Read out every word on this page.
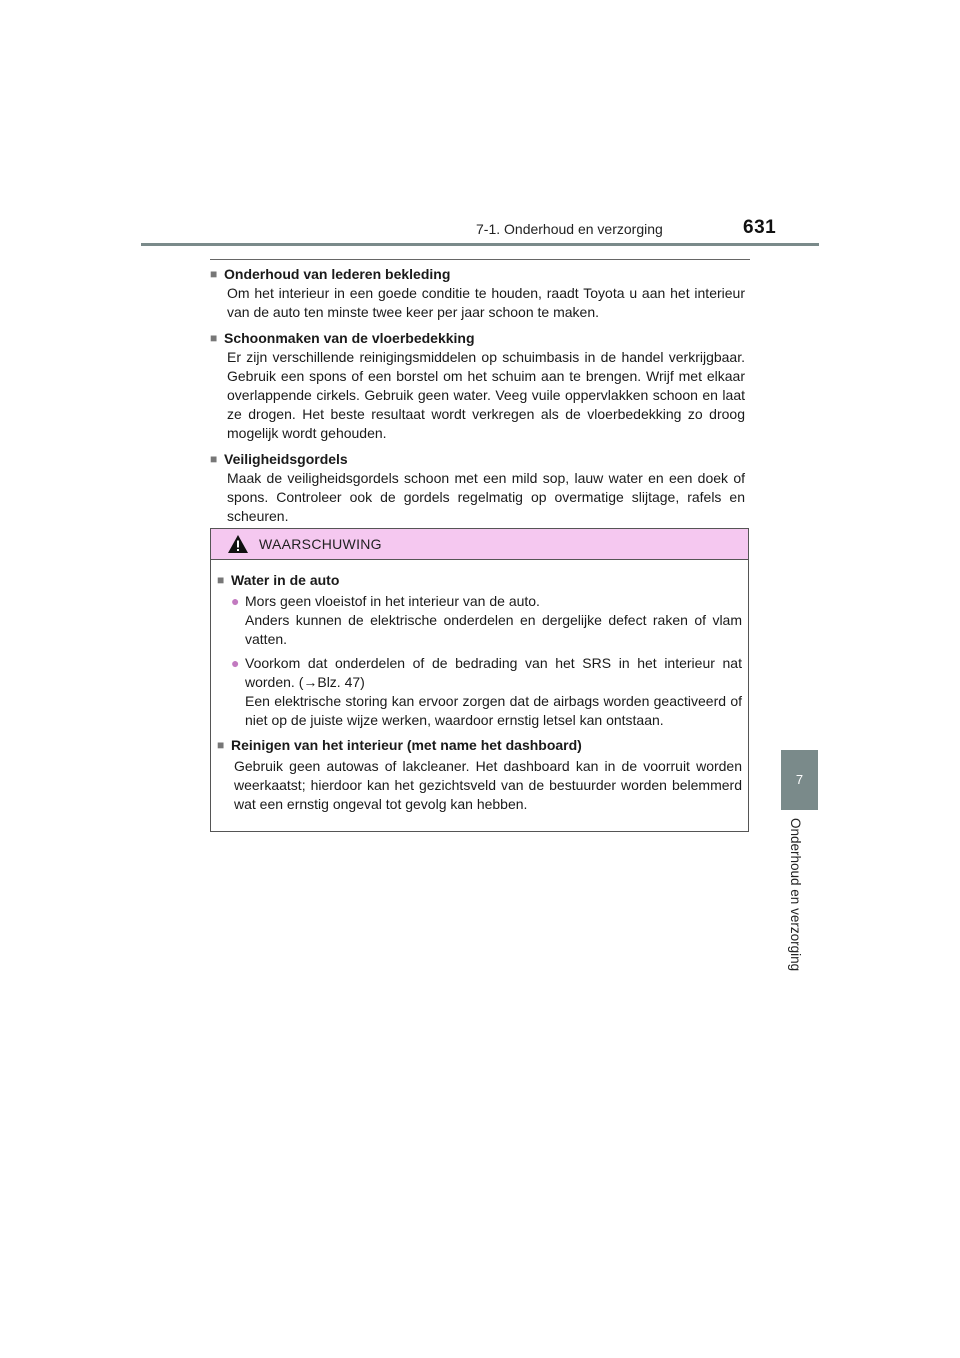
7-1. Onderhoud en verzorging	631
7
Onderhoud en verzorging
■ Onderhoud van lederen bekleding
Om het interieur in een goede conditie te houden, raadt Toyota u aan het interieur van de auto ten minste twee keer per jaar schoon te maken.
■ Schoonmaken van de vloerbedekking
Er zijn verschillende reinigingsmiddelen op schuimbasis in de handel verkrijgbaar. Gebruik een spons of een borstel om het schuim aan te brengen. Wrijf met elkaar overlappende cirkels. Gebruik geen water. Veeg vuile oppervlakken schoon en laat ze drogen. Het beste resultaat wordt verkregen als de vloerbedekking zo droog mogelijk wordt gehouden.
■ Veiligheidsgordels
Maak de veiligheidsgordels schoon met een mild sop, lauw water en een doek of spons. Controleer ook de gordels regelmatig op overmatige slijtage, rafels en scheuren.
WAARSCHUWING
■ Water in de auto
● Mors geen vloeistof in het interieur van de auto.
Anders kunnen de elektrische onderdelen en dergelijke defect raken of vlam vatten.
● Voorkom dat onderdelen of de bedrading van het SRS in het interieur nat worden. (→Blz. 47)
Een elektrische storing kan ervoor zorgen dat de airbags worden geactiveerd of niet op de juiste wijze werken, waardoor ernstig letsel kan ontstaan.
■ Reinigen van het interieur (met name het dashboard)
Gebruik geen autowas of lakcleaner. Het dashboard kan in de voorruit worden weerkaatst; hierdoor kan het gezichtsveld van de bestuurder worden belemmerd wat een ernstig ongeval tot gevolg kan hebben.
